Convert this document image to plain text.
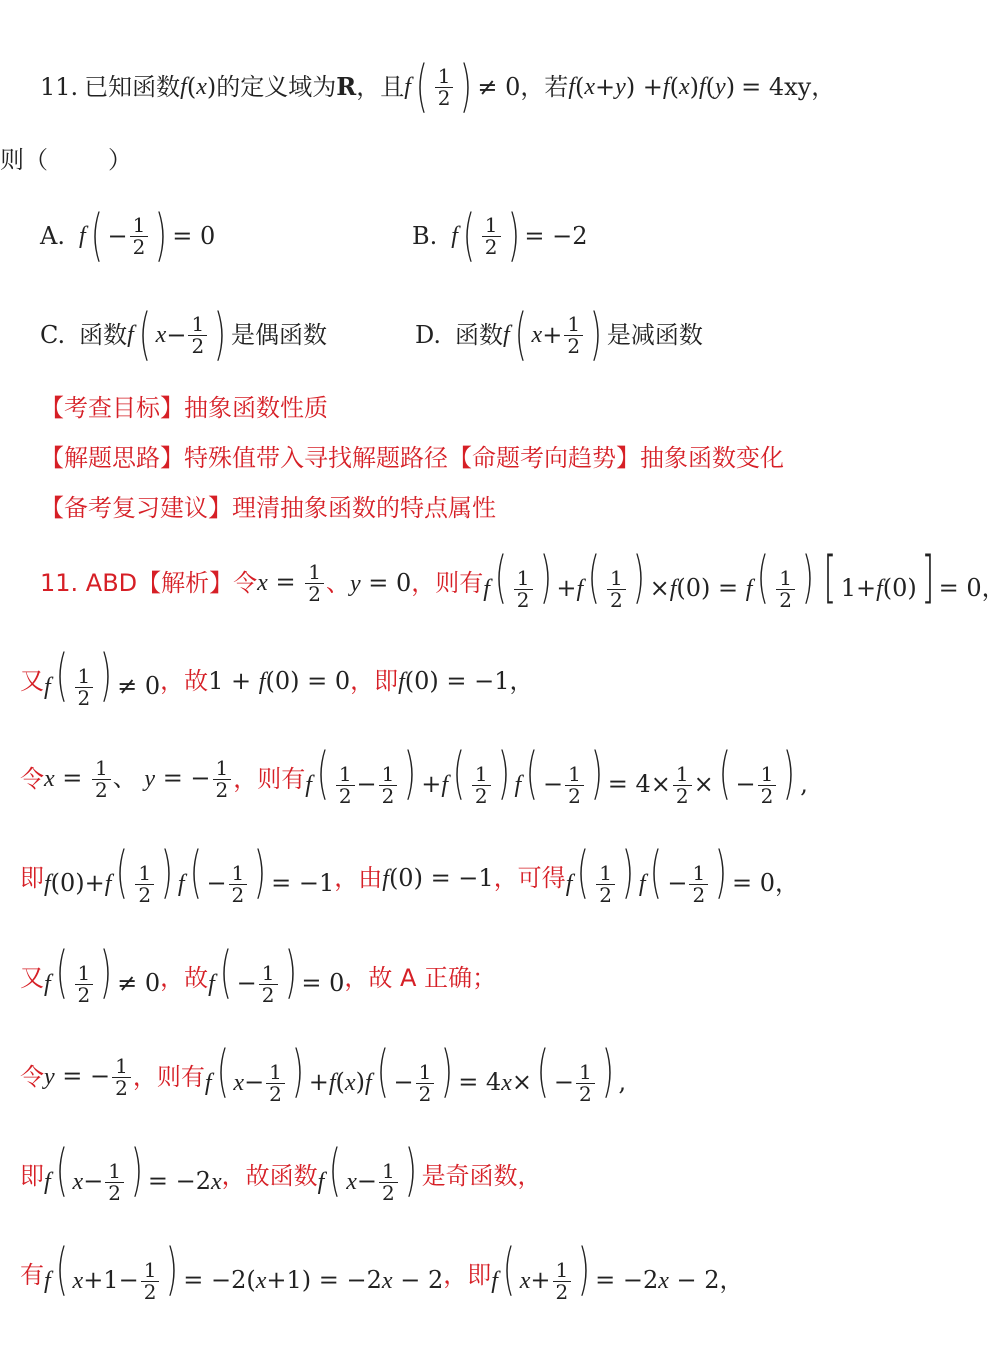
11. 已知函数 f ( x ) 的定义域为 R ，且 f ( $\frac{1}{2}$ ) ≠ 0 ，若 f ( x + y ) + f ( x ) f ( y ) = 4xy ，
则（	）
A. f ( − $\frac{1}{2}$ ) = 0	B. f ( $\frac{1}{2}$ ) = −2
C. 函数 f ( $x - \frac{1}{2}$ ) 是偶函数	D. 函数 f ( $x + \frac{1}{2}$ ) 是减函数
【考查目标】抽象函数性质
【解题思路】特殊值带入寻找解题路径【命题考向趋势】抽象函数变化
【备考复习建议】理清抽象函数的特点属性
11. ABD【解析】 令 $x = \frac{1}{2}$ 、 y = 0 ，则有 $f( \frac{1}{2}$ ) $+f( \frac{1}{2}$ ) $\times f(0) = f( \frac{1}{2}$ ) [ 1+f(0)] = 0，
又 $f( \frac{1}{2}$ ) ≠ 0 ，故 1 + f(0) = 0 ，即 f(0) = −1，
令 $x = \frac{1}{2}$ 、 y = − $\frac{1}{2}$ ，则有 $f( \frac{1}{2} - \frac{1}{2}$ ) $+f( \frac{1}{2}$ ) $f( - \frac{1}{2}$ ) = $4\times \frac{1}{2}$ ×( − $\frac{1}{2}$ ) ,
即 $f(0)+f( \frac{1}{2}$ ) $f( - \frac{1}{2}$ ) = −1 ，由 f(0) = −1 ，可得 $f( \frac{1}{2}$ ) $f( - \frac{1}{2}$ ) = 0，
又 $f( \frac{1}{2}$ ) ≠ 0 ，故 $f( - \frac{1}{2}$ ) = 0 ，故 A 正确；
令 y = − $\frac{1}{2}$ ，则有 f( $x- \frac{1}{2}$ ) $+f(x)f( - \frac{1}{2}$ ) = $4x\times( - \frac{1}{2}$ ) ,
即 f( $x- \frac{1}{2}$ ) = −2x ，故函数 f( $x- \frac{1}{2}$ ) 是奇函数，
有 f( $x+1- \frac{1}{2}$ ) = −2(x+1) = −2x − 2 ，即 f( $x+ \frac{1}{2}$ ) = −2x − 2，
